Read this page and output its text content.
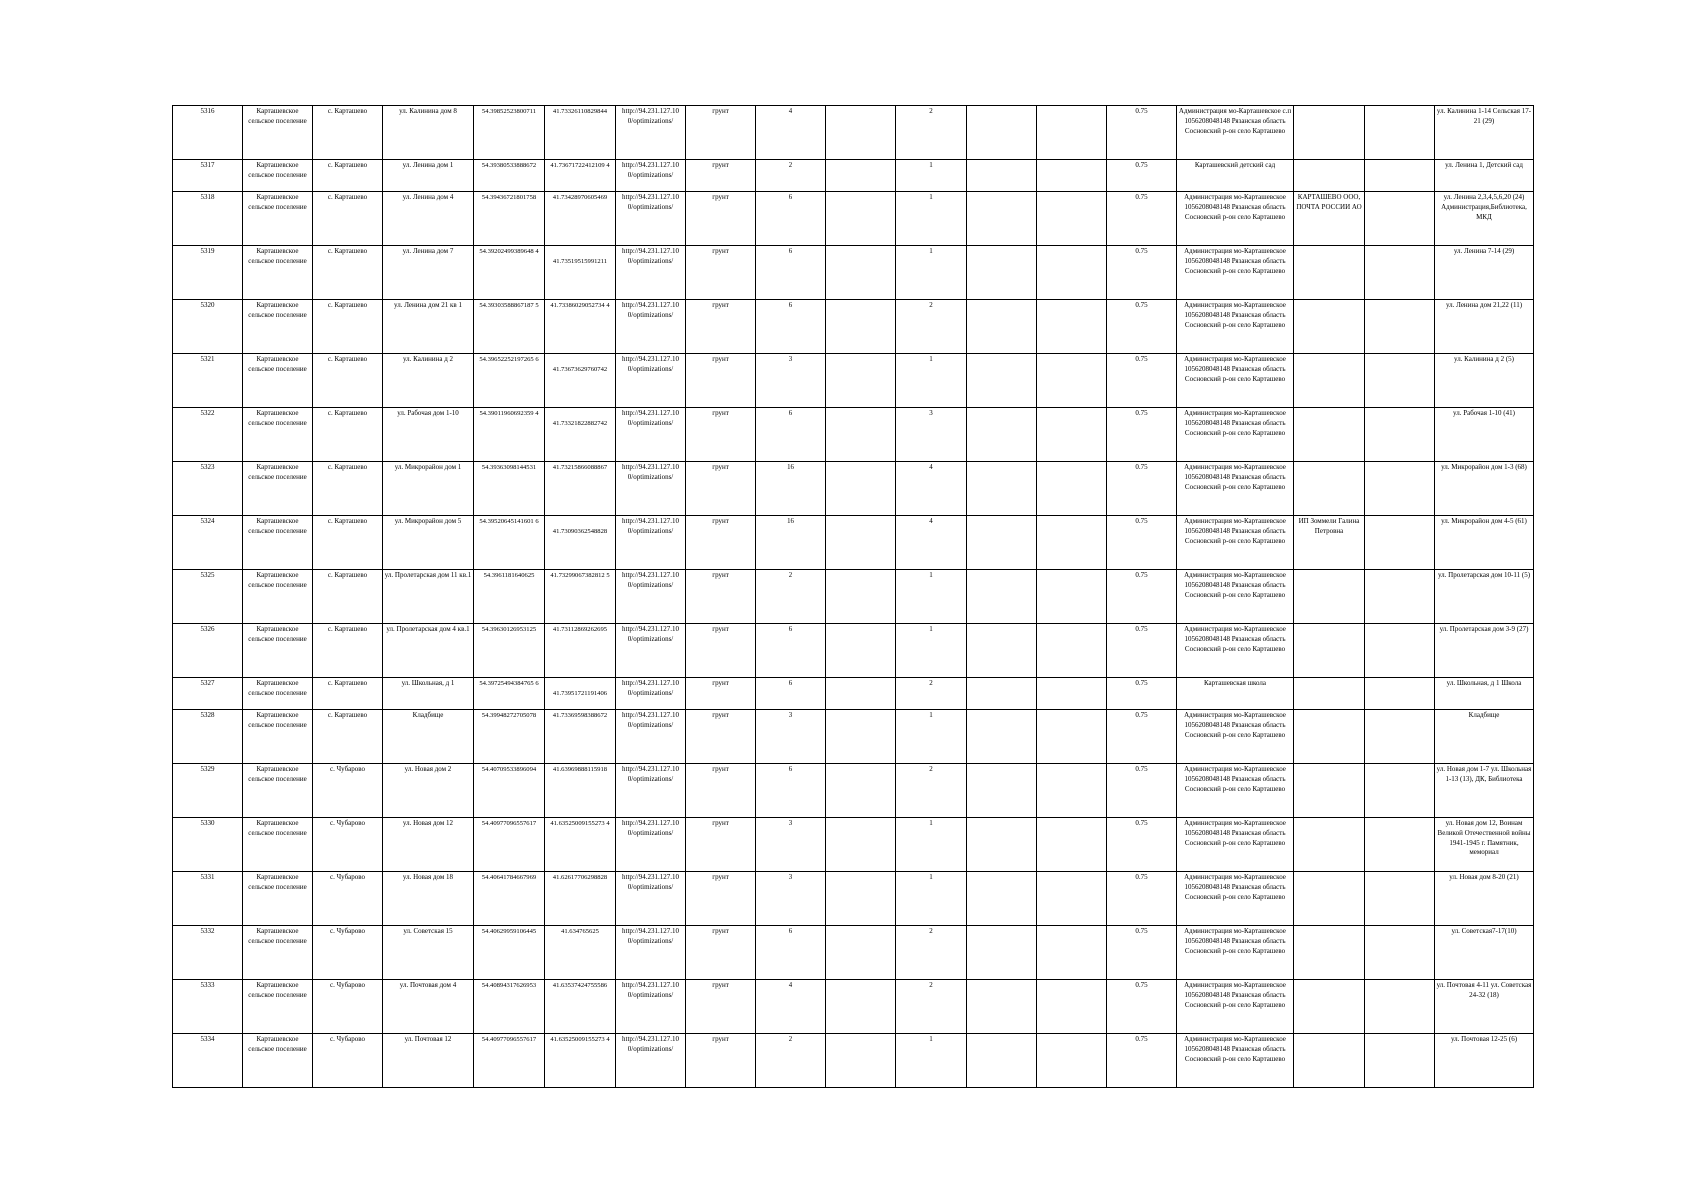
5316	Карташевское сельское поселение	с. Карташево	ул. Калинина дом 8	54.39852523800711	41.73326110829844	http://94.231.127.10 0/optimizations/	грунт	4		2			0.75	Администрация мо-Карташевское с.п 1056208048148 Рязанская область Сосновский р-он село Карташево			ул. Калинина 1-14 Сельская 17-21 (29)
5317	Карташевское сельское поселение	с. Карташево	ул. Ленина дом 1	54.39380533888672	41.73671722412109 4	http://94.231.127.10 0/optimizations/	грунт	2		1			0.75	Карташевский детский сад			ул. Ленина 1, Детский сад
5318	Карташевское сельское поселение	с. Карташево	ул. Ленина дом 4	54.39436721801758	41.73428970605469	http://94.231.127.10 0/optimizations/	грунт	6		1			0.75	Администрация мо-Карташевское 1056208048148 Рязанская область Сосновский р-он село Карташево	КАРТАШЕВО ООО, ПОЧТА РОССИИ АО		ул. Ленина 2,3,4,5,6,20 (24) Администрация,Библиотека, МКД
5319	Карташевское сельское поселение	с. Карташево	ул. Ленина дом 7	54.39202499389648 4	41.73519515991211	http://94.231.127.10 0/optimizations/	грунт	6		1			0.75	Администрация мо-Карташевское 1056208048148 Рязанская область Сосновский р-он село Карташево			ул. Ленина 7-14 (29)
5320	Карташевское сельское поселение	с. Карташево	ул. Ленина дом 21 кв 1	54.39303588867187 5	41.73386029052734 4	http://94.231.127.10 0/optimizations/	грунт	6		2			0.75	Администрация мо-Карташевское 1056208048148 Рязанская область Сосновский р-он село Карташево			ул. Ленина дом 21,22 (11)
5321	Карташевское сельское поселение	с. Карташево	ул. Калинина д 2	54.39652252197265 6	41.73673629760742	http://94.231.127.10 0/optimizations/	грунт	3		1			0.75	Администрация мо-Карташевское 1056208048148 Рязанская область Сосновский р-он село Карташево			ул. Калинина д 2 (5)
5322	Карташевское сельское поселение	с. Карташево	ул. Рабочая дом 1-10	54.39011960692359 4	41.73321822882742	http://94.231.127.10 0/optimizations/	грунт	6		3			0.75	Администрация мо-Карташевское 1056208048148 Рязанская область Сосновский р-он село Карташево			ул. Рабочая 1-10 (41)
5323	Карташевское сельское поселение	с. Карташево	ул. Микрорайон дом 1	54.39363098144531	41.73215866088867	http://94.231.127.10 0/optimizations/	грунт	16		4			0.75	Администрация мо-Карташевское 1056208048148 Рязанская область Сосновский р-он село Карташево			ул. Микрорайон дом 1-3 (68)
5324	Карташевское сельское поселение	с. Карташево	ул. Микрорайон дом 5	54.39520645141601 6	41.73090362548828	http://94.231.127.10 0/optimizations/	грунт	16		4			0.75	Администрация мо-Карташевское 1056208048148 Рязанская область Сосновский р-он село Карташево	ИП Зоммели Галина Петровна		ул. Микрорайон дом 4-5 (61)
5325	Карташевское сельское поселение	с. Карташево	ул. Пролетарская дом 11 кв.1	54.3961181640625	41.73299067382812 5	http://94.231.127.10 0/optimizations/	грунт	2		1			0.75	Администрация мо-Карташевское 1056208048148 Рязанская область Сосновский р-он село Карташево			ул. Пролетарская дом 10-11 (5)
5326	Карташевское сельское поселение	с. Карташево	ул. Пролетарская дом 4 кв.1	54.39630126953125	41.73112869262695	http://94.231.127.10 0/optimizations/	грунт	6		1			0.75	Администрация мо-Карташевское 1056208048148 Рязанская область Сосновский р-он село Карташево			ул. Пролетарская дом 3-9 (27)
5327	Карташевское сельское поселение	с. Карташево	ул. Школьная, д 1	54.39725494384765 6	41.73951721191406	http://94.231.127.10 0/optimizations/	грунт	6		2			0.75	Карташевская школа			ул. Школьная, д 1 Школа
5328	Карташевское сельское поселение	с. Карташево	Кладбище	54.39948272705078	41.73369598388672	http://94.231.127.10 0/optimizations/	грунт	3		1			0.75	Администрация мо-Карташевское 1056208048148 Рязанская область Сосновский р-он село Карташево			Кладбище
5329	Карташевское сельское поселение	с. Чубарово	ул. Новая дом 2	54.40709533896094	41.63969888115918	http://94.231.127.10 0/optimizations/	грунт	6		2			0.75	Администрация мо-Карташевское 1056208048148 Рязанская область Сосновский р-он село Карташево			ул. Новая дом 1-7 ул. Школьная 1-13 (13), ДК, Библиотека
5330	Карташевское сельское поселение	с. Чубарово	ул. Новая дом 12	54.40977096557617	41.63525009155273 4	http://94.231.127.10 0/optimizations/	грунт	3		1			0.75	Администрация мо-Карташевское 1056208048148 Рязанская область Сосновский р-он село Карташево			ул. Новая дом 12, Воинам Великой Отечественной войны 1941-1945 г. Памятник, мемориал
5331	Карташевское сельское поселение	с. Чубарово	ул. Новая дом 18	54.40641784667969	41.62617706298828	http://94.231.127.10 0/optimizations/	грунт	3		1			0.75	Администрация мо-Карташевское 1056208048148 Рязанская область Сосновский р-он село Карташево			ул. Новая дом 8-20 (21)
5332	Карташевское сельское поселение	с. Чубарово	ул. Советская 15	54.40629959106445	41.634765625	http://94.231.127.10 0/optimizations/	грунт	6		2			0.75	Администрация мо-Карташевское 1056208048148 Рязанская область Сосновский р-он село Карташево			ул. Советская7-17(10)
5333	Карташевское сельское поселение	с. Чубарово	ул. Почтовая дом 4	54.40894317626953	41.63537424755586	http://94.231.127.10 0/optimizations/	грунт	4		2			0.75	Администрация мо-Карташевское 1056208048148 Рязанская область Сосновский р-он село Карташево			ул. Почтовая 4-11 ул. Советская 24-32 (18)
5334	Карташевское сельское поселение	с. Чубарово	ул. Почтовая 12	54.40977096557617	41.63525009155273 4	http://94.231.127.10 0/optimizations/	грунт	2		1			0.75	Администрация мо-Карташевское 1056208048148 Рязанская область Сосновский р-он село Карташево			ул. Почтовая 12-25 (6)
